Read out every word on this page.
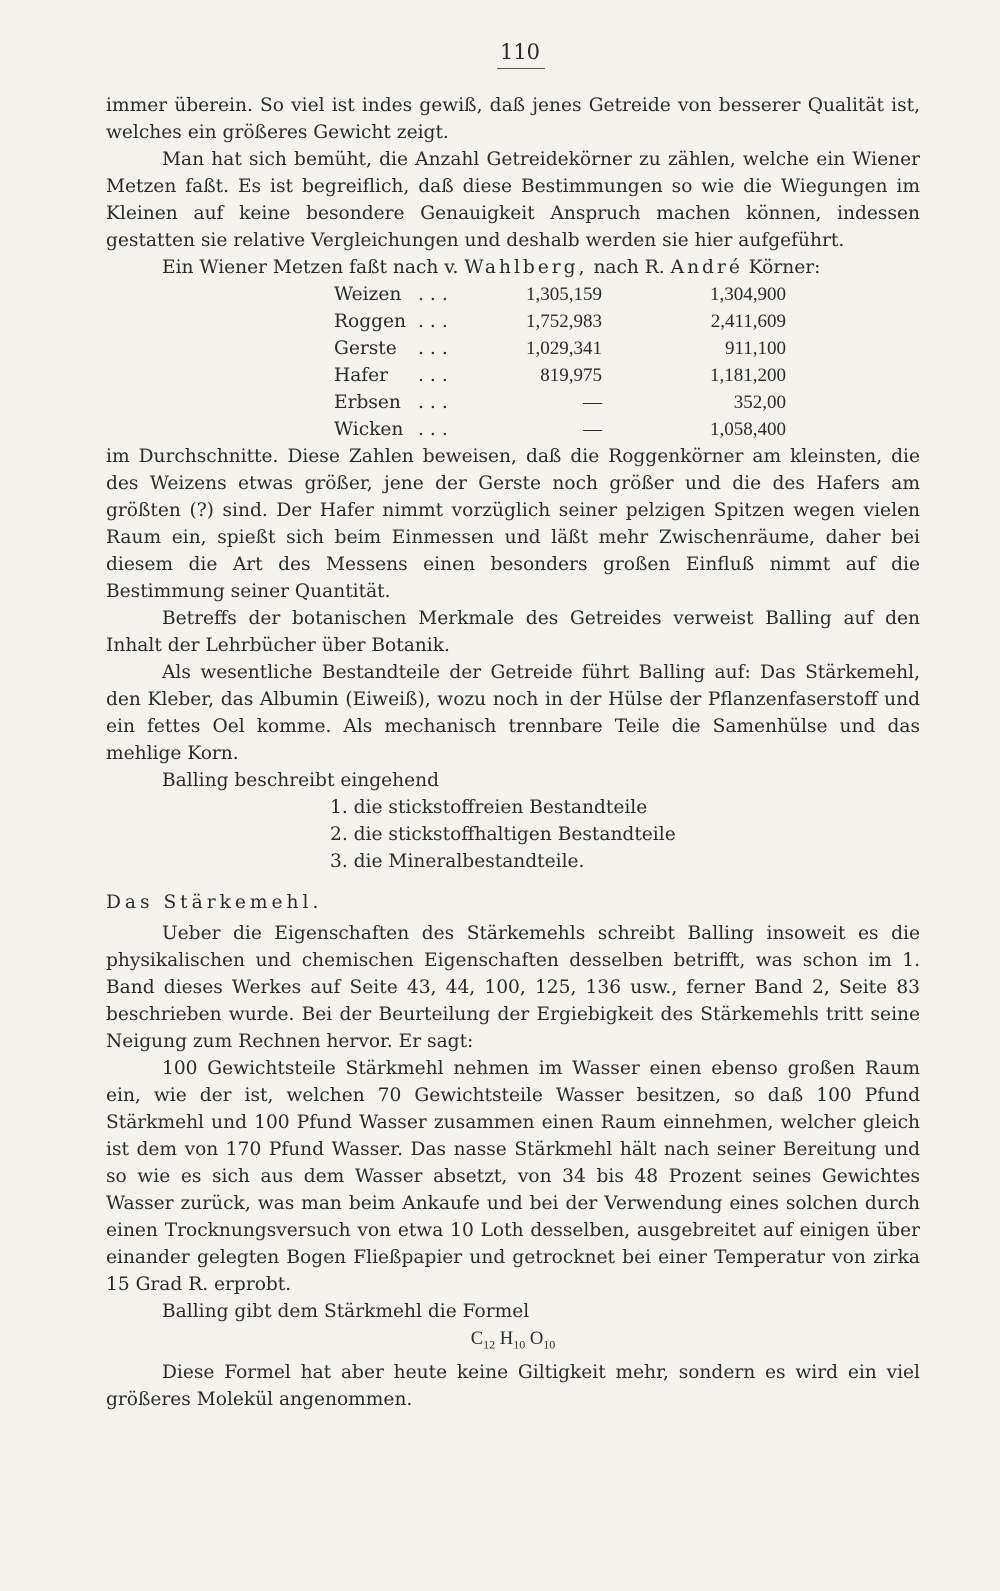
110

immer überein. So viel ist indes gewiß, daß jenes Getreide von besserer Qualität ist, welches ein größeres Gewicht zeigt.

Man hat sich bemüht, die Anzahl Getreidekörner zu zählen, welche ein Wiener Metzen faßt. Es ist begreiflich, daß diese Bestimmungen so wie die Wiegungen im Kleinen auf keine besondere Genauigkeit Anspruch machen können, indessen gestatten sie relative Vergleichungen und deshalb werden sie hier aufgeführt.

Ein Wiener Metzen faßt nach v. Wahlberg, nach R. André Körner:

Weizen ...	1,305,159	1,304,900
Roggen ...	1,752,983	2,411,609
Gerste ...	1,029,341	911,100
Hafer ...	819,975	1,181,200
Erbsen ...	—	352,00
Wicken ...	—	1,058,400

im Durchschnitte. Diese Zahlen beweisen, daß die Roggenkörner am kleinsten, die des Weizens etwas größer, jene der Gerste noch größer und die des Hafers am größten (?) sind. Der Hafer nimmt vorzüglich seiner pelzigen Spitzen wegen vielen Raum ein, spießt sich beim Einmessen und läßt mehr Zwischenräume, daher bei diesem die Art des Messens einen besonders großen Einfluß nimmt auf die Bestimmung seiner Quantität.

Betreffs der botanischen Merkmale des Getreides verweist Balling auf den Inhalt der Lehrbücher über Botanik.

Als wesentliche Bestandteile der Getreide führt Balling auf: Das Stärkemehl, den Kleber, das Albumin (Eiweiß), wozu noch in der Hülse der Pflanzenfaserstoff und ein fettes Oel komme. Als mechanisch trennbare Teile die Samenhülse und das mehlige Korn.

Balling beschreibt eingehend

1. die stickstoffreien Bestandteile
2. die stickstoffhaltigen Bestandteile
3. die Mineralbestandteile.

Das Stärkemehl.

Ueber die Eigenschaften des Stärkemehls schreibt Balling insoweit es die physikalischen und chemischen Eigenschaften desselben betrifft, was schon im 1. Band dieses Werkes auf Seite 43, 44, 100, 125, 136 usw., ferner Band 2, Seite 83 beschrieben wurde. Bei der Beurteilung der Ergiebigkeit des Stärkemehls tritt seine Neigung zum Rechnen hervor. Er sagt:

100 Gewichtsteile Stärkmehl nehmen im Wasser einen ebenso großen Raum ein, wie der ist, welchen 70 Gewichtsteile Wasser besitzen, so daß 100 Pfund Stärkmehl und 100 Pfund Wasser zusammen einen Raum einnehmen, welcher gleich ist dem von 170 Pfund Wasser. Das nasse Stärkmehl hält nach seiner Bereitung und so wie es sich aus dem Wasser absetzt, von 34 bis 48 Prozent seines Gewichtes Wasser zurück, was man beim Ankaufe und bei der Verwendung eines solchen durch einen Trocknungsversuch von etwa 10 Loth desselben, ausgebreitet auf einigen über einander gelegten Bogen Fließpapier und getrocknet bei einer Temperatur von zirka 15 Grad R. erprobt.

Balling gibt dem Stärkmehl die Formel

$C_{12}$ $H_{10}$ $O_{10}$

Diese Formel hat aber heute keine Giltigkeit mehr, sondern es wird ein viel größeres Molekül angenommen.
